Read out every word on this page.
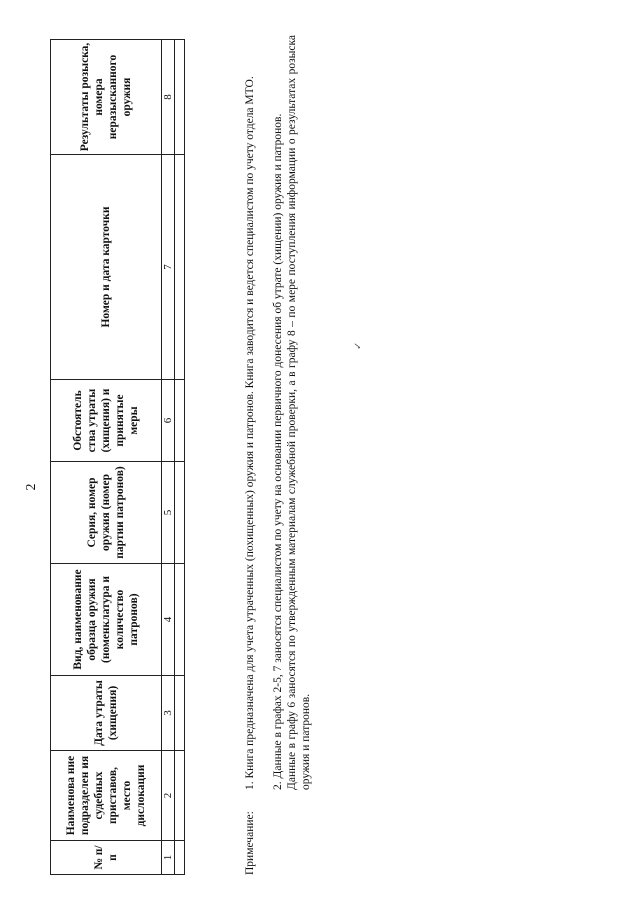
2
№ п/п	Наименова ние подразделен ия судебных приставов, место дислокации	Дата утраты (хищения)	Вид, наименование образца оружия (номенклатура и количество патронов)	Серия, номер оружия (номер партии патронов)	Обстоятель ства утраты (хищения) и принятые меры	Номер и дата карточки	Результаты розыска, номера неразысканного оружия
1	2	3	4	5	6	7	8

Примечание:
1. Книга предназначена для учета утраченных (похищенных) оружия и патронов. Книга заводится и ведется специалистом по учету отдела МТО. 2. Данные в графах 2-5, 7 заносятся специалистом по учету на основании первичного донесения об утрате (хищении) оружия и патронов. Данные в графу 6 заносятся по утвержденным материалам служебной проверки, а в графу 8 – по мере поступления информации о результатах розыска оружия и патронов.
✓
